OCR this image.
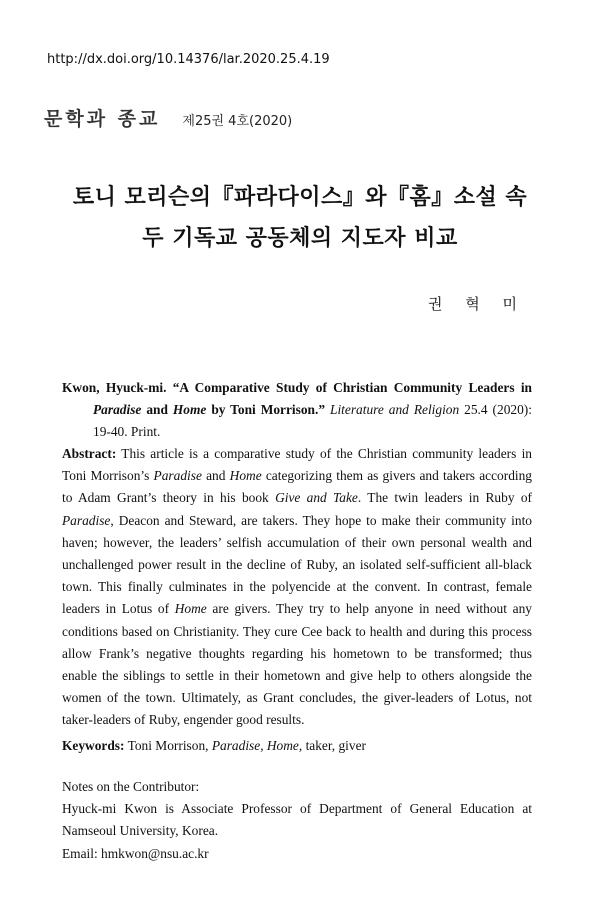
http://dx.doi.org/10.14376/lar.2020.25.4.19
문학과 종교 제25권 4호(2020)
토니 모리슨의『파라다이스』와『홈』소설 속
두 기독교 공동체의 지도자 비교
권 혁 미
Kwon, Hyuck-mi. “A Comparative Study of Christian Community Leaders in
Paradise and Home by Toni Morrison.” Literature and Religion 25.4 (2020):
19-40. Print.
Abstract: This article is a comparative study of the Christian community leaders in Toni Morrison’s Paradise and Home categorizing them as givers and takers according to Adam Grant’s theory in his book Give and Take. The twin leaders in Ruby of Paradise, Deacon and Steward, are takers. They hope to make their community into haven; however, the leaders’ selfish accumulation of their own personal wealth and unchallenged power result in the decline of Ruby, an isolated self-sufficient all-black town. This finally culminates in the polyencide at the convent. In contrast, female leaders in Lotus of Home are givers. They try to help anyone in need without any conditions based on Christianity. They cure Cee back to health and during this process allow Frank’s negative thoughts regarding his hometown to be transformed; thus enable the siblings to settle in their hometown and give help to others alongside the women of the town. Ultimately, as Grant concludes, the giver-leaders of Lotus, not taker-leaders of Ruby, engender good results.
Keywords: Toni Morrison, Paradise, Home, taker, giver
Notes on the Contributor:
Hyuck-mi Kwon is Associate Professor of Department of General Education at
Namseoul University, Korea.
Email: hmkwon@nsu.ac.kr
